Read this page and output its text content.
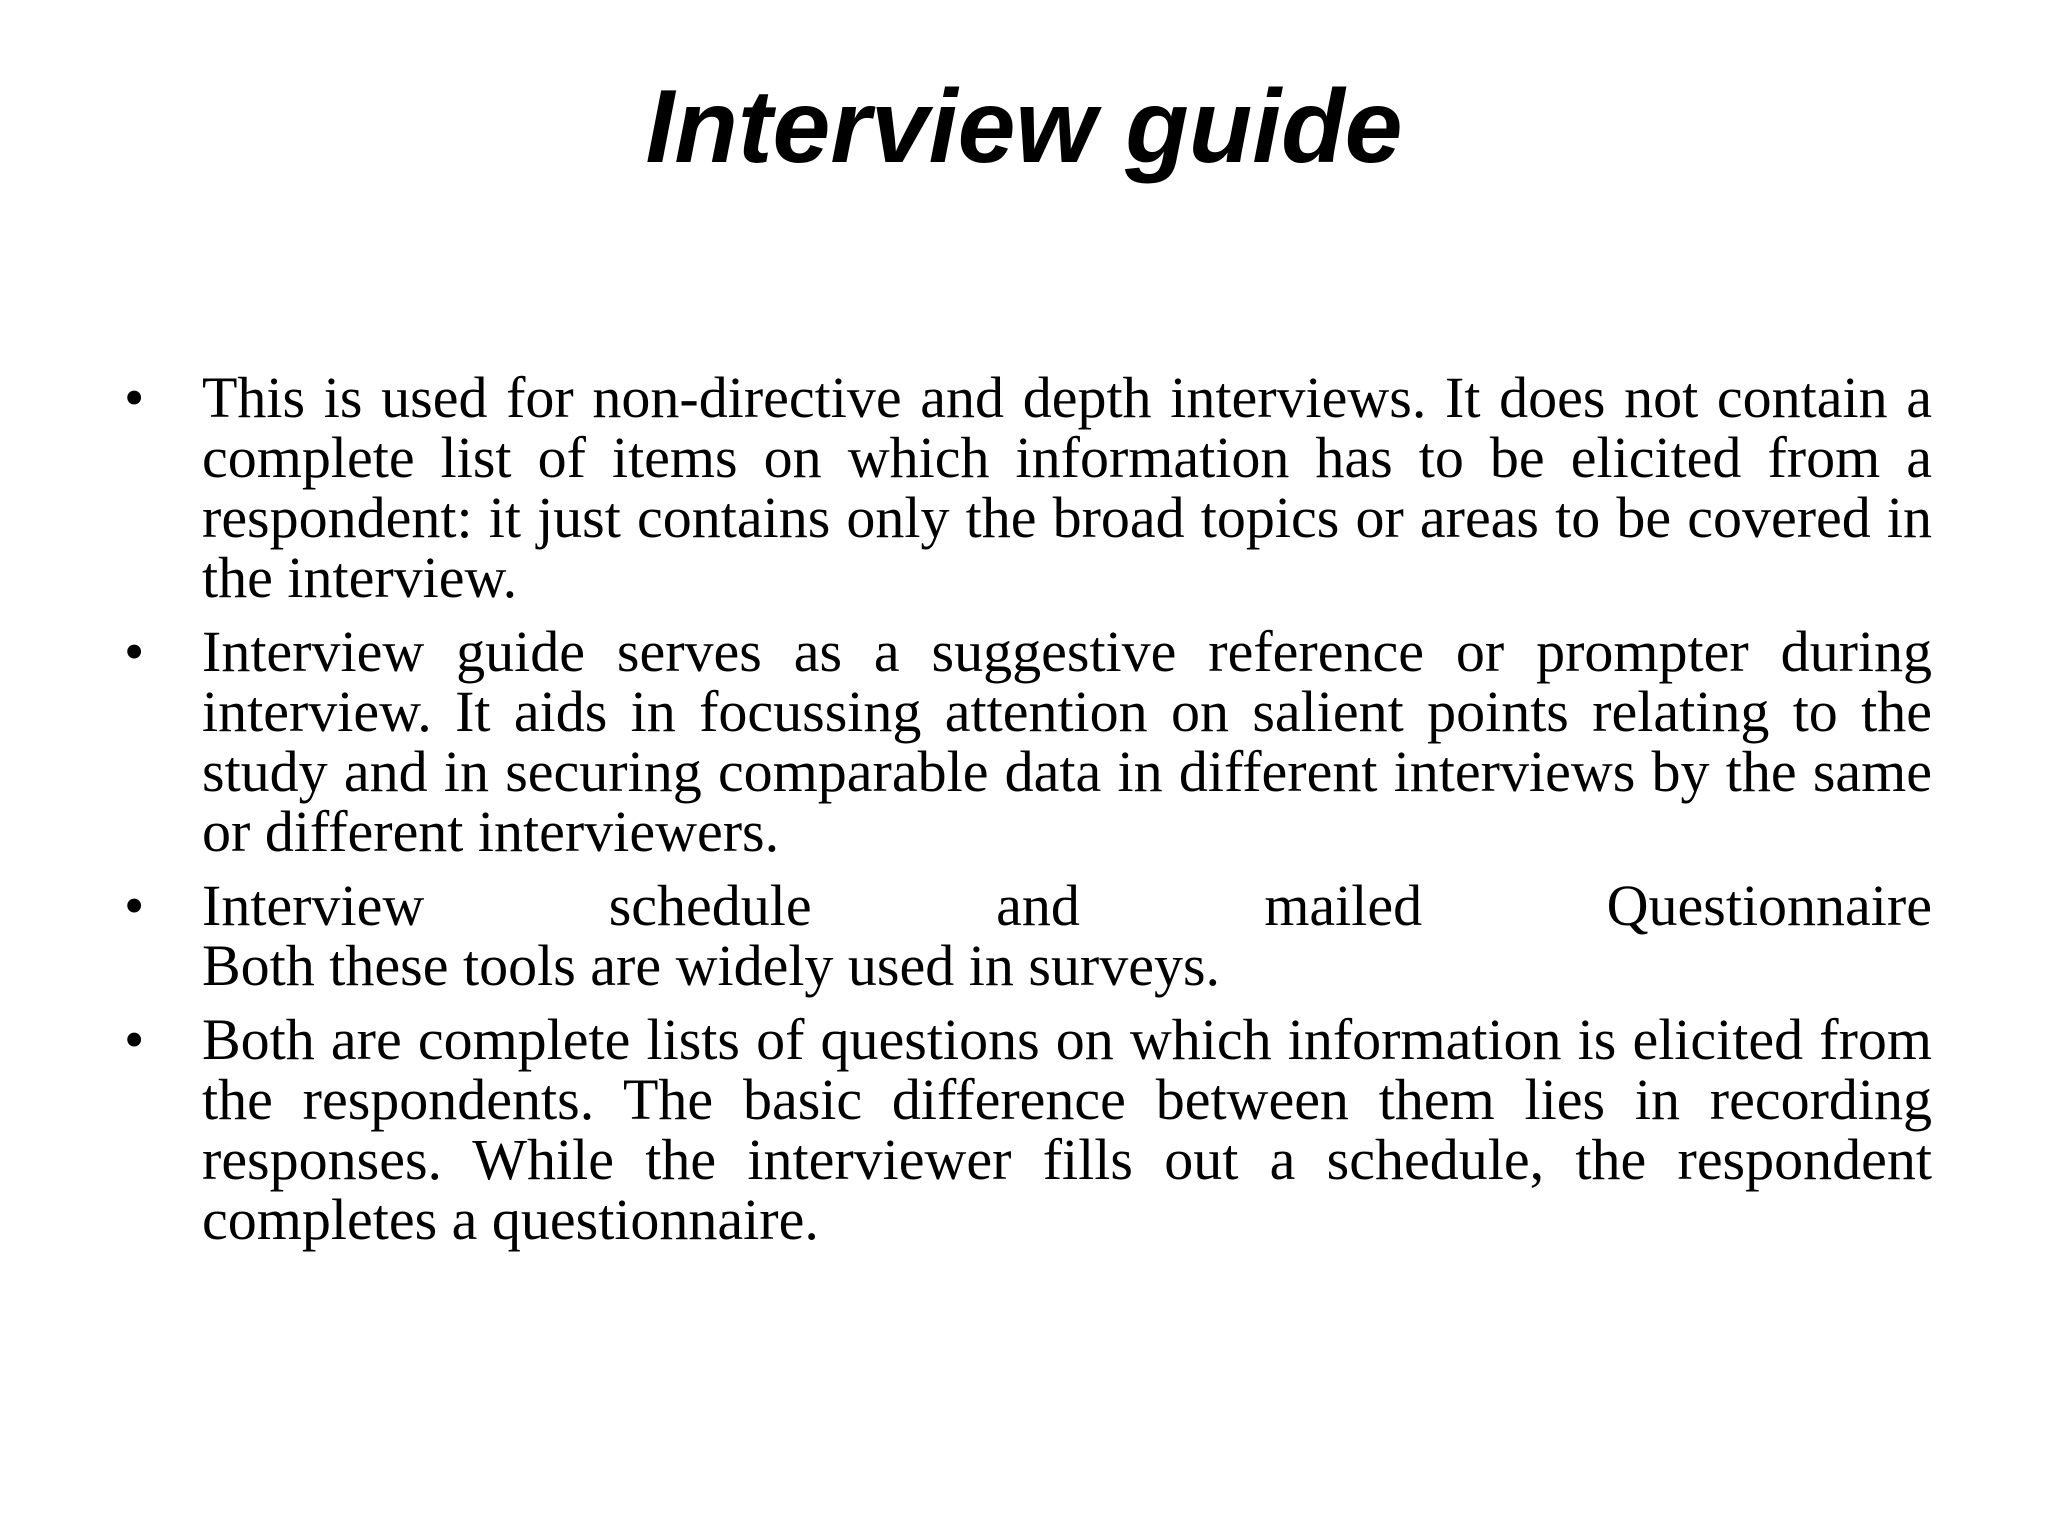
Interview guide
• This is used for non-directive and depth interviews. It does not contain a complete list of items on which information has to be elicited from a respondent: it just contains only the broad topics or areas to be covered in the interview.

• Interview guide serves as a suggestive reference or prompter during interview. It aids in focussing attention on salient points relating to the study and in securing comparable data in different interviews by the same or different interviewers.

• Interview	schedule	and	mailed	Questionnaire
Both these tools are widely used in surveys.
• Both are complete lists of questions on which information is elicited from the respondents. The basic difference between them lies in recording responses. While the interviewer fills out a schedule, the respondent completes a questionnaire.
